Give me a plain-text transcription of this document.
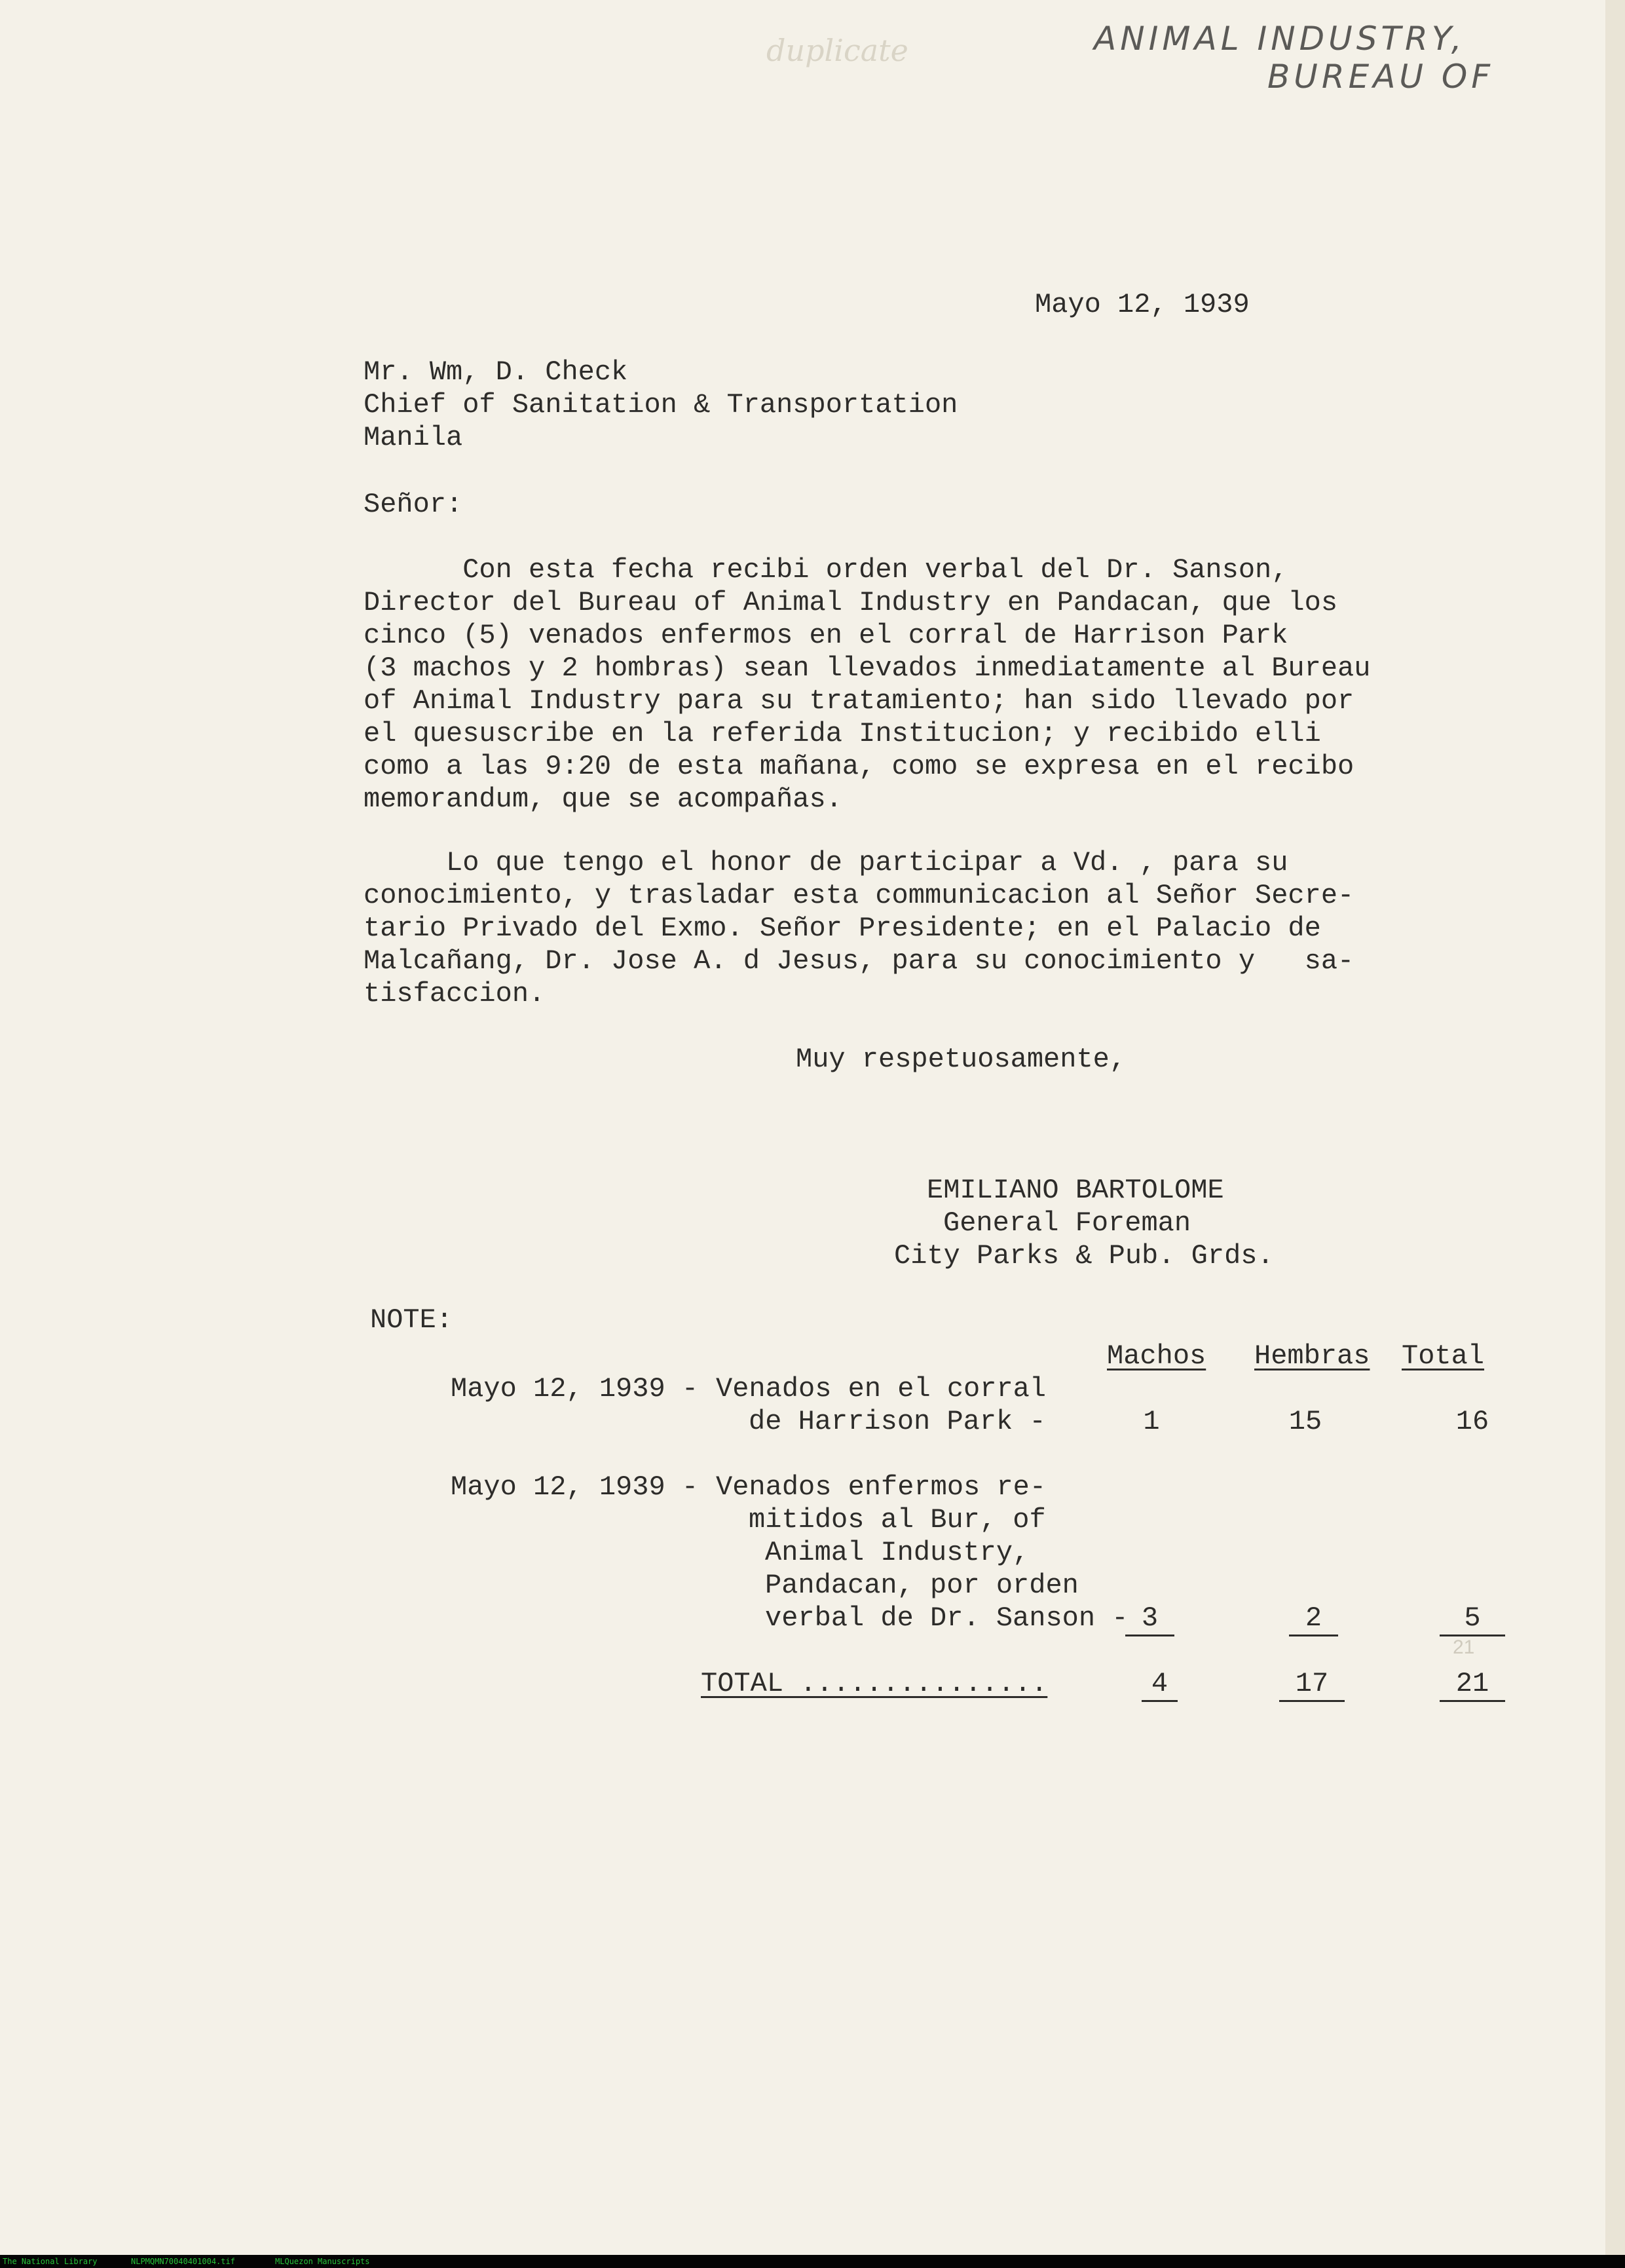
ANIMAL INDUSTRY,
BUREAU OF
duplicate
Mayo 12, 1939
Mr. Wm, D. Check
Chief of Sanitation & Transportation
Manila
Señor:
Con esta fecha recibi orden verbal del Dr. Sanson,
Director del Bureau of Animal Industry en Pandacan, que los
cinco (5) venados enfermos en el corral de Harrison Park
(3 machos y 2 hombras) sean llevados inmediatamente al Bureau
of Animal Industry para su tratamiento; han sido llevado por
el quesuscribe en la referida Institucion; y recibido elli
como a las 9:20 de esta mañana, como se expresa en el recibo
memorandum, que se acompañas.
Lo que tengo el honor de participar a Vd. , para su
conocimiento, y trasladar esta communicacion al Señor Secre-
tario Privado del Exmo. Señor Presidente; en el Palacio de
Malcañang, Dr. Jose A. d Jesus, para su conocimiento y   sa-
tisfaccion.
Muy respetuosamente,
EMILIANO BARTOLOME
General Foreman
City Parks & Pub. Grds.
NOTE:
Machos Hembras Total
Mayo 12, 1939 - Venados en el corral
de Harrison Park -	1	15	16
Mayo 12, 1939 - Venados enfermos re-
mitidos al Bur, of
Animal Industry,
Pandacan, por orden
verbal de Dr. Sanson - 3	2	5
21
TOTAL ...............	4	17	21
The National Library	NLPMQMN7004040100​4.tif	MLQuezon Manuscripts
